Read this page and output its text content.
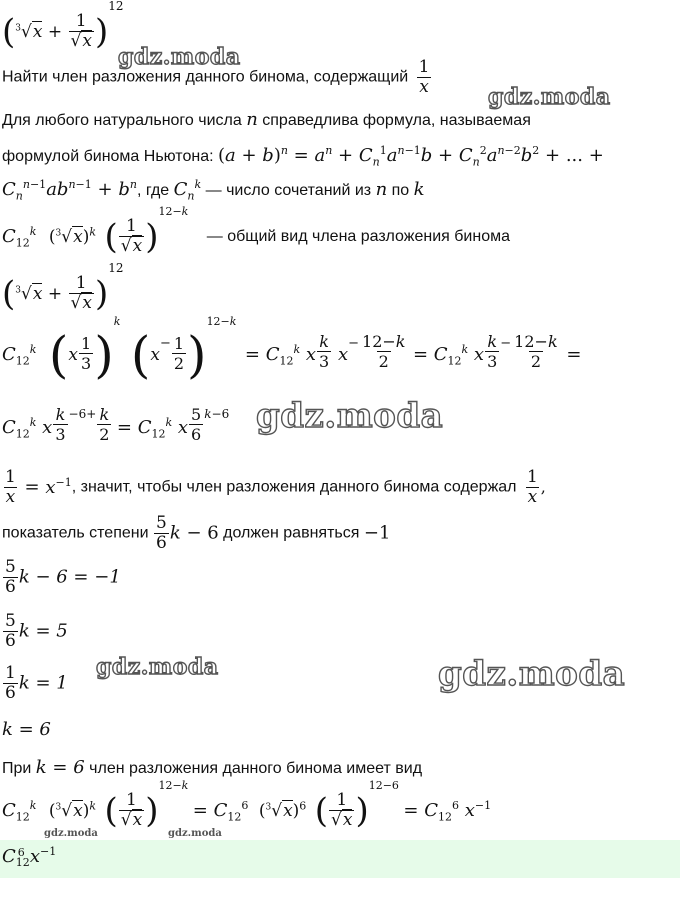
$(^3√x + \frac{1}{√x} )^{12}$
Найти член разложения данного бинома, содержащий $\frac{1}{x}$
Для любого натурального числа n справедлива формула, называемая
формулой бинома Ньютона: $(a + b)^n = a^n + C_n^1a^{n-1}b + C_n^2a^{n-2}b^2$ + ... +
$C_n^{n-1}ab^{n-1} + b^n$, где $C_n^k$ — число сочетаний из n по k
$C_{12}^k$ $(^3√x)^k$ ( $\frac{1}{√x} )^{12-k}$ — общий вид члена разложения бинома
$(^3√x + \frac{1}{√x} )^{12}$
$C_{12}^k$ $(x \frac{1}{3} )^k$ $(x^- \frac{1}{2} )^{12-k} = C_{12}^k$ x $\frac{k}{3} x^- \frac{12-k}{2} = C_{12}^k$ x $\frac{k}{3} ^- \frac{12-k}{2}$ =
$C_{12}^k$ x $\frac{k}{3} ^{-6+} \frac{k}{2} = C_{12}^k$ x $\frac{5}{6} ^{k-6}$
$\frac{1}{x} = x^{-1}$, значит, чтобы член разложения данного бинома содержал $\frac{1}{x}$ ,
показатель степени $\frac{5}{6}$ k − 6 должен равняться −1
$\frac{5}{6}$ k − 6 = −1
$\frac{5}{6}$ k = 5
$\frac{1}{6}$ k = 1
k = 6
При k = 6 член разложения данного бинома имеет вид
$C_{12}^k$ $(^3√x)^k$ ( $\frac{1}{√x} )^{12-k} = C_{12}^6$ $(^3√x)^6$ ( $\frac{1}{√x} )^{12-6} = C_{12}^6$ $x^{-1}$
$C_{12}^6$ $x^{-1}$
gdz.moda
gdz.moda
gdz.moda
gdz.moda	gdz.moda
gdz.moda	gdz.moda
